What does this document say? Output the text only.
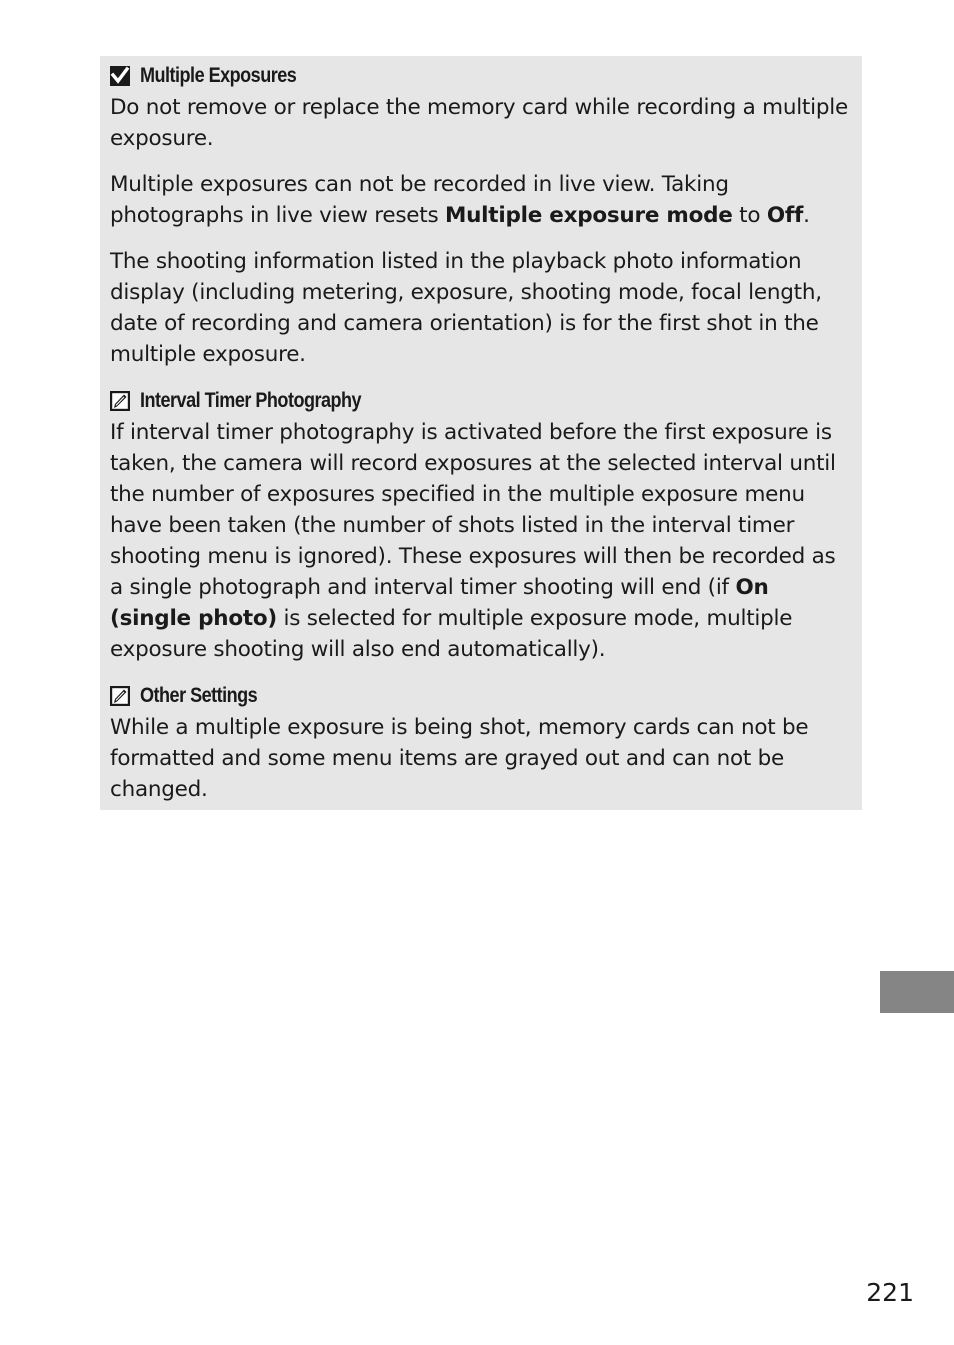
Multiple Exposures

Do not remove or replace the memory card while recording a multiple exposure.

Multiple exposures can not be recorded in live view. Taking photographs in live view resets Multiple exposure mode to Off.

The shooting information listed in the playback photo information display (including metering, exposure, shooting mode, focal length, date of recording and camera orientation) is for the first shot in the multiple exposure.

Interval Timer Photography

If interval timer photography is activated before the first exposure is taken, the camera will record exposures at the selected interval until the number of exposures specified in the multiple exposure menu have been taken (the number of shots listed in the interval timer shooting menu is ignored). These exposures will then be recorded as a single photograph and interval timer shooting will end (if On (single photo) is selected for multiple exposure mode, multiple exposure shooting will also end automatically).

Other Settings

While a multiple exposure is being shot, memory cards can not be formatted and some menu items are grayed out and can not be changed.

221
